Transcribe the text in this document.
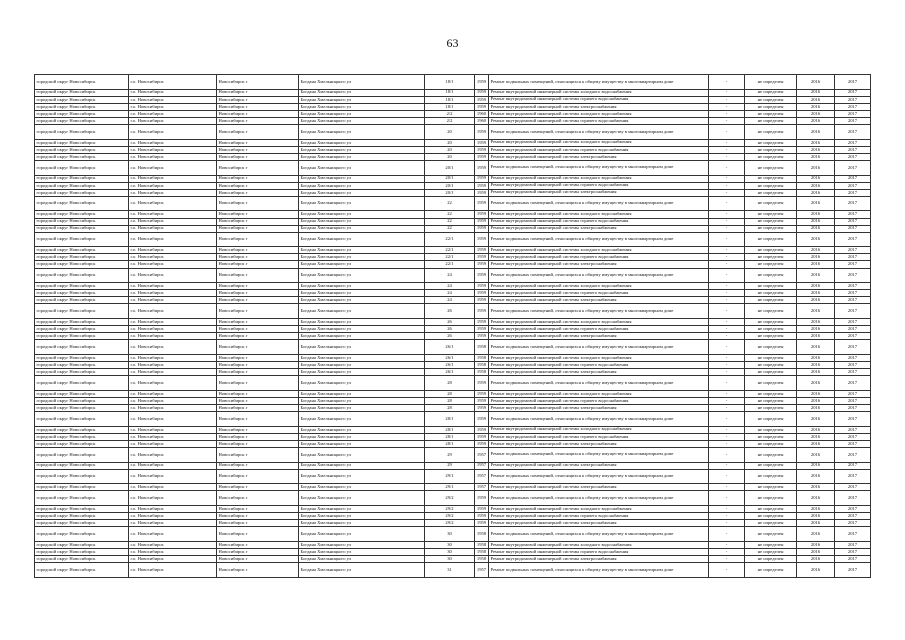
63
городской округ Новосибирск	г.о. Новосибирск	Новосибирск г	Богдана Хмельницкого ул	18/1	1959	Ремонт подвальных помещений, относящихся к общему имуществу в многоквартирном доме	-	не определен	2016	2017
городской округ Новосибирск	г.о. Новосибирск	Новосибирск г	Богдана Хмельницкого ул	18/1	1959	Ремонт внутридомовой инженерной системы холодного водоснабжения	-	не определен	2016	2017
городской округ Новосибирск	г.о. Новосибирск	Новосибирск г	Богдана Хмельницкого ул	18/1	1959	Ремонт внутридомовой инженерной системы горячего водоснабжения	-	не определен	2016	2017
городской округ Новосибирск	г.о. Новосибирск	Новосибирск г	Богдана Хмельницкого ул	18/1	1959	Ремонт внутридомовой инженерной системы электроснабжения	-	не определен	2016	2017
городской округ Новосибирск	г.о. Новосибирск	Новосибирск г	Богдана Хмельницкого ул	2/2	1960	Ремонт внутридомовой инженерной системы холодного водоснабжения	-	не определен	2016	2017
городской округ Новосибирск	г.о. Новосибирск	Новосибирск г	Богдана Хмельницкого ул	2/2	1960	Ремонт внутридомовой инженерной системы горячего водоснабжения	-	не определен	2016	2017
городской округ Новосибирск	г.о. Новосибирск	Новосибирск г	Богдана Хмельницкого ул	20	1959	Ремонт подвальных помещений, относящихся к общему имуществу в многоквартирном доме	-	не определен	2016	2017
городской округ Новосибирск	г.о. Новосибирск	Новосибирск г	Богдана Хмельницкого ул	20	1959	Ремонт внутридомовой инженерной системы холодного водоснабжения	-	не определен	2016	2017
городской округ Новосибирск	г.о. Новосибирск	Новосибирск г	Богдана Хмельницкого ул	20	1959	Ремонт внутридомовой инженерной системы горячего водоснабжения	-	не определен	2016	2017
городской округ Новосибирск	г.о. Новосибирск	Новосибирск г	Богдана Хмельницкого ул	20	1959	Ремонт внутридомовой инженерной системы электроснабжения	-	не определен	2016	2017
городской округ Новосибирск	г.о. Новосибирск	Новосибирск г	Богдана Хмельницкого ул	20/1	1959	Ремонт подвальных помещений, относящихся к общему имуществу в многоквартирном доме	-	не определен	2016	2017
городской округ Новосибирск	г.о. Новосибирск	Новосибирск г	Богдана Хмельницкого ул	20/1	1959	Ремонт внутридомовой инженерной системы холодного водоснабжения	-	не определен	2016	2017
городской округ Новосибирск	г.о. Новосибирск	Новосибирск г	Богдана Хмельницкого ул	20/1	1959	Ремонт внутридомовой инженерной системы горячего водоснабжения	-	не определен	2016	2017
городской округ Новосибирск	г.о. Новосибирск	Новосибирск г	Богдана Хмельницкого ул	20/1	1959	Ремонт внутридомовой инженерной системы электроснабжения	-	не определен	2016	2017
городской округ Новосибирск	г.о. Новосибирск	Новосибирск г	Богдана Хмельницкого ул	22	1959	Ремонт подвальных помещений, относящихся к общему имуществу в многоквартирном доме	-	не определен	2016	2017
городской округ Новосибирск	г.о. Новосибирск	Новосибирск г	Богдана Хмельницкого ул	22	1959	Ремонт внутридомовой инженерной системы холодного водоснабжения	-	не определен	2016	2017
городской округ Новосибирск	г.о. Новосибирск	Новосибирск г	Богдана Хмельницкого ул	22	1959	Ремонт внутридомовой инженерной системы горячего водоснабжения	-	не определен	2016	2017
городской округ Новосибирск	г.о. Новосибирск	Новосибирск г	Богдана Хмельницкого ул	22	1959	Ремонт внутридомовой инженерной системы электроснабжения	-	не определен	2016	2017
городской округ Новосибирск	г.о. Новосибирск	Новосибирск г	Богдана Хмельницкого ул	22/1	1959	Ремонт подвальных помещений, относящихся к общему имуществу в многоквартирном доме	-	не определен	2016	2017
городской округ Новосибирск	г.о. Новосибирск	Новосибирск г	Богдана Хмельницкого ул	22/1	1959	Ремонт внутридомовой инженерной системы холодного водоснабжения	-	не определен	2016	2017
городской округ Новосибирск	г.о. Новосибирск	Новосибирск г	Богдана Хмельницкого ул	22/1	1959	Ремонт внутридомовой инженерной системы горячего водоснабжения	-	не определен	2016	2017
городской округ Новосибирск	г.о. Новосибирск	Новосибирск г	Богдана Хмельницкого ул	22/1	1959	Ремонт внутридомовой инженерной системы электроснабжения	-	не определен	2016	2017
городской округ Новосибирск	г.о. Новосибирск	Новосибирск г	Богдана Хмельницкого ул	24	1959	Ремонт подвальных помещений, относящихся к общему имуществу в многоквартирном доме	-	не определен	2016	2017
городской округ Новосибирск	г.о. Новосибирск	Новосибирск г	Богдана Хмельницкого ул	24	1959	Ремонт внутридомовой инженерной системы холодного водоснабжения	-	не определен	2016	2017
городской округ Новосибирск	г.о. Новосибирск	Новосибирск г	Богдана Хмельницкого ул	24	1959	Ремонт внутридомовой инженерной системы горячего водоснабжения	-	не определен	2016	2017
городской округ Новосибирск	г.о. Новосибирск	Новосибирск г	Богдана Хмельницкого ул	24	1959	Ремонт внутридомовой инженерной системы электроснабжения	-	не определен	2016	2017
городской округ Новосибирск	г.о. Новосибирск	Новосибирск г	Богдана Хмельницкого ул	26	1959	Ремонт подвальных помещений, относящихся к общему имуществу в многоквартирном доме	-	не определен	2016	2017
городской округ Новосибирск	г.о. Новосибирск	Новосибирск г	Богдана Хмельницкого ул	26	1959	Ремонт внутридомовой инженерной системы холодного водоснабжения	-	не определен	2016	2017
городской округ Новосибирск	г.о. Новосибирск	Новосибирск г	Богдана Хмельницкого ул	26	1959	Ремонт внутридомовой инженерной системы горячего водоснабжения	-	не определен	2016	2017
городской округ Новосибирск	г.о. Новосибирск	Новосибирск г	Богдана Хмельницкого ул	26	1959	Ремонт внутридомовой инженерной системы электроснабжения	-	не определен	2016	2017
городской округ Новосибирск	г.о. Новосибирск	Новосибирск г	Богдана Хмельницкого ул	26/1	1958	Ремонт подвальных помещений, относящихся к общему имуществу в многоквартирном доме	-	не определен	2016	2017
городской округ Новосибирск	г.о. Новосибирск	Новосибирск г	Богдана Хмельницкого ул	26/1	1958	Ремонт внутридомовой инженерной системы холодного водоснабжения	-	не определен	2016	2017
городской округ Новосибирск	г.о. Новосибирск	Новосибирск г	Богдана Хмельницкого ул	26/1	1958	Ремонт внутридомовой инженерной системы горячего водоснабжения	-	не определен	2016	2017
городской округ Новосибирск	г.о. Новосибирск	Новосибирск г	Богдана Хмельницкого ул	26/1	1958	Ремонт внутридомовой инженерной системы электроснабжения	-	не определен	2016	2017
городской округ Новосибирск	г.о. Новосибирск	Новосибирск г	Богдана Хмельницкого ул	28	1959	Ремонт подвальных помещений, относящихся к общему имуществу в многоквартирном доме	-	не определен	2016	2017
городской округ Новосибирск	г.о. Новосибирск	Новосибирск г	Богдана Хмельницкого ул	28	1959	Ремонт внутридомовой инженерной системы холодного водоснабжения	-	не определен	2016	2017
городской округ Новосибирск	г.о. Новосибирск	Новосибирск г	Богдана Хмельницкого ул	28	1959	Ремонт внутридомовой инженерной системы горячего водоснабжения	-	не определен	2016	2017
городской округ Новосибирск	г.о. Новосибирск	Новосибирск г	Богдана Хмельницкого ул	28	1959	Ремонт внутридомовой инженерной системы электроснабжения	-	не определен	2016	2017
городской округ Новосибирск	г.о. Новосибирск	Новосибирск г	Богдана Хмельницкого ул	28/1	1959	Ремонт подвальных помещений, относящихся к общему имуществу в многоквартирном доме	-	не определен	2016	2017
городской округ Новосибирск	г.о. Новосибирск	Новосибирск г	Богдана Хмельницкого ул	28/1	1959	Ремонт внутридомовой инженерной системы холодного водоснабжения	-	не определен	2016	2017
городской округ Новосибирск	г.о. Новосибирск	Новосибирск г	Богдана Хмельницкого ул	28/1	1959	Ремонт внутридомовой инженерной системы горячего водоснабжения	-	не определен	2016	2017
городской округ Новосибирск	г.о. Новосибирск	Новосибирск г	Богдана Хмельницкого ул	28/1	1959	Ремонт внутридомовой инженерной системы электроснабжения	-	не определен	2016	2017
городской округ Новосибирск	г.о. Новосибирск	Новосибирск г	Богдана Хмельницкого ул	29	1957	Ремонт подвальных помещений, относящихся к общему имуществу в многоквартирном доме	-	не определен	2016	2017
городской округ Новосибирск	г.о. Новосибирск	Новосибирск г	Богдана Хмельницкого ул	29	1957	Ремонт внутридомовой инженерной системы электроснабжения	-	не определен	2016	2017
городской округ Новосибирск	г.о. Новосибирск	Новосибирск г	Богдана Хмельницкого ул	29/1	1957	Ремонт подвальных помещений, относящихся к общему имуществу в многоквартирном доме	-	не определен	2016	2017
городской округ Новосибирск	г.о. Новосибирск	Новосибирск г	Богдана Хмельницкого ул	29/1	1957	Ремонт внутридомовой инженерной системы электроснабжения	-	не определен	2016	2017
городской округ Новосибирск	г.о. Новосибирск	Новосибирск г	Богдана Хмельницкого ул	29/2	1959	Ремонт подвальных помещений, относящихся к общему имуществу в многоквартирном доме	-	не определен	2016	2017
городской округ Новосибирск	г.о. Новосибирск	Новосибирск г	Богдана Хмельницкого ул	29/2	1959	Ремонт внутридомовой инженерной системы холодного водоснабжения	-	не определен	2016	2017
городской округ Новосибирск	г.о. Новосибирск	Новосибирск г	Богдана Хмельницкого ул	29/2	1959	Ремонт внутридомовой инженерной системы горячего водоснабжения	-	не определен	2016	2017
городской округ Новосибирск	г.о. Новосибирск	Новосибирск г	Богдана Хмельницкого ул	29/2	1959	Ремонт внутридомовой инженерной системы электроснабжения	-	не определен	2016	2017
городской округ Новосибирск	г.о. Новосибирск	Новосибирск г	Богдана Хмельницкого ул	30	1958	Ремонт подвальных помещений, относящихся к общему имуществу в многоквартирном доме	-	не определен	2016	2017
городской округ Новосибирск	г.о. Новосибирск	Новосибирск г	Богдана Хмельницкого ул	30	1958	Ремонт внутридомовой инженерной системы холодного водоснабжения	-	не определен	2016	2017
городской округ Новосибирск	г.о. Новосибирск	Новосибирск г	Богдана Хмельницкого ул	30	1958	Ремонт внутридомовой инженерной системы горячего водоснабжения	-	не определен	2016	2017
городской округ Новосибирск	г.о. Новосибирск	Новосибирск г	Богдана Хмельницкого ул	30	1958	Ремонт внутридомовой инженерной системы электроснабжения	-	не определен	2016	2017
городской округ Новосибирск	г.о. Новосибирск	Новосибирск г	Богдана Хмельницкого ул	31	1957	Ремонт подвальных помещений, относящихся к общему имуществу в многоквартирном доме	-	не определен	2016	2017
